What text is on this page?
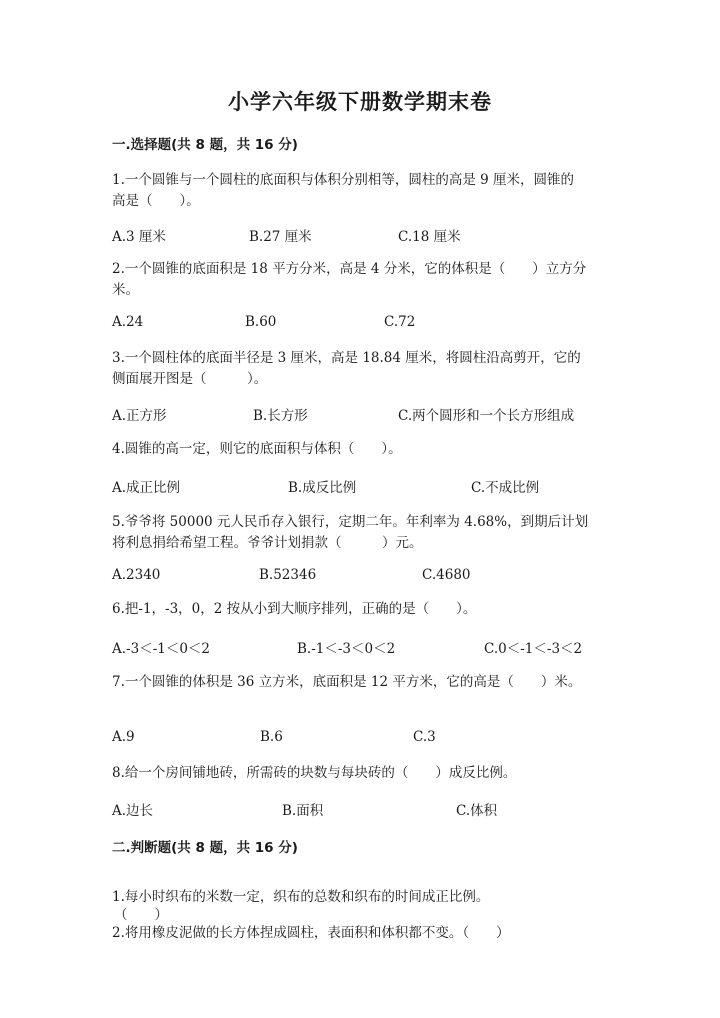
小学六年级下册数学期末卷

一.选择题(共 8 题，共 16 分)

1.一个圆锥与一个圆柱的底面积与体积分别相等，圆柱的高是 9 厘米，圆锥的
高是（　　）。

A.3 厘米	B.27 厘米	C.18 厘米

2.一个圆锥的底面积是 18 平方分米，高是 4 分米，它的体积是（　　）立方分
米。

A.24	B.60	C.72

3.一个圆柱体的底面半径是 3 厘米，高是 18.84 厘米，将圆柱沿高剪开，它的
侧面展开图是（　　　）。

A.正方形	B.长方形	C.两个圆形和一个长方形组成

4.圆锥的高一定，则它的底面积与体积（　　）。

A.成正比例	B.成反比例	C.不成比例

5.爷爷将 50000 元人民币存入银行，定期二年。年利率为 4.68%，到期后计划
将利息捐给希望工程。爷爷计划捐款（　　　）元。

A.2340	B.52346	C.4680

6.把-1，-3，0，2 按从小到大顺序排列，正确的是（　　）。

A.-3＜-1＜0＜2	B.-1＜-3＜0＜2	C.0＜-1＜-3＜2

7.一个圆锥的体积是 36 立方米，底面积是 12 平方米，它的高是（　　）米。

A.9	B.6	C.3

8.给一个房间铺地砖，所需砖的块数与每块砖的（　　）成反比例。

A.边长	B.面积	C.体积

二.判断题(共 8 题，共 16 分)

1.每小时织布的米数一定，织布的总数和织布的时间成正比例。

（　　）

2.将用橡皮泥做的长方体捏成圆柱，表面积和体积都不变。（　　）
